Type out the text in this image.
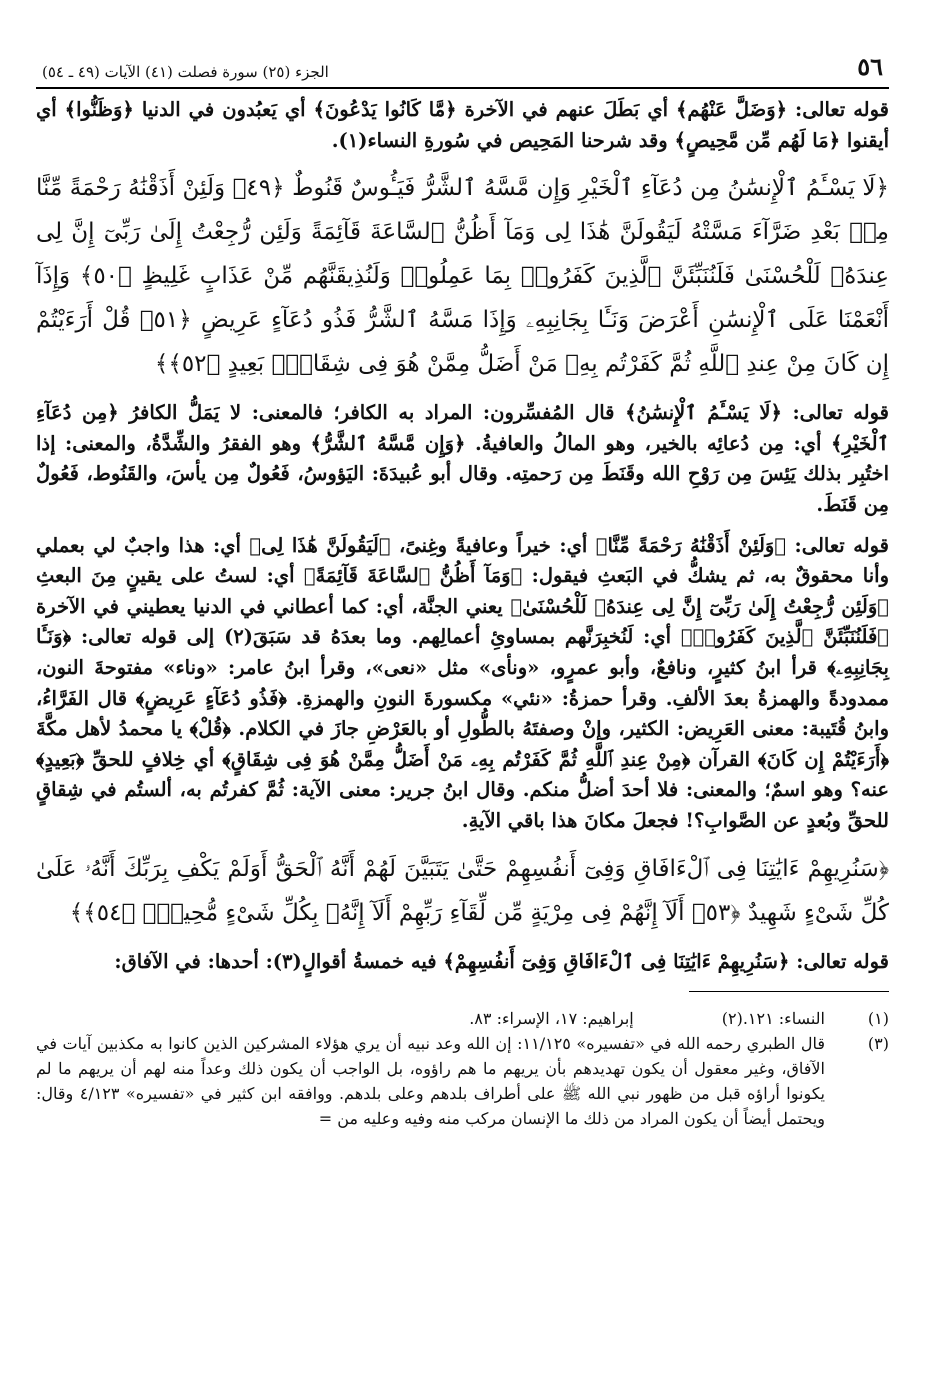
٥٦
الجزء (٢٥) سورة فصلت (٤١) الآيات (٤٩ ـ ٥٤)

قوله تعالى: ﴿وَضَلَّ عَنْهُم﴾ أي بَطَلَ عنهم في الآخرة ﴿مَّا كَانُوا يَدْعُونَ﴾ أي يَعبُدون في الدنيا ﴿وَظَنُّوا﴾ أي أيقنوا ﴿مَا لَهُم مِّن مَّحِيصٍ﴾ وقد شرحنا المَحِيص في سُورةِ النساء(١).

﴿لَا يَسْـَٔمُ ٱلْإِنسَٰنُ مِن دُعَآءِ ٱلْخَيْرِ وَإِن مَّسَّهُ ٱلشَّرُّ فَيَـُٔوسٌ قَنُوطٌ ﴿٤٩﴾ وَلَئِنْ أَذَقْنَٰهُ رَحْمَةً مِّنَّا مِنۢ بَعْدِ ضَرَّآءَ مَسَّتْهُ لَيَقُولَنَّ هَٰذَا لِى وَمَآ أَظُنُّ ٱلسَّاعَةَ قَآئِمَةً وَلَئِن رُّجِعْتُ إِلَىٰ رَبِّىٓ إِنَّ لِى عِندَهُۥ لَلْحُسْنَىٰ فَلَنُنَبِّئَنَّ ٱلَّذِينَ كَفَرُوا۟ بِمَا عَمِلُوا۟ وَلَنُذِيقَنَّهُم مِّنْ عَذَابٍ غَلِيظٍ ﴿٥٠﴾ وَإِذَآ أَنْعَمْنَا عَلَى ٱلْإِنسَٰنِ أَعْرَضَ وَنَـَٔا بِجَانِبِهِۦ وَإِذَا مَسَّهُ ٱلشَّرُّ فَذُو دُعَآءٍ عَرِيضٍ ﴿٥١﴾ قُلْ أَرَءَيْتُمْ إِن كَانَ مِنْ عِندِ ٱللَّهِ ثُمَّ كَفَرْتُم بِهِۦ مَنْ أَضَلُّ مِمَّنْ هُوَ فِى شِقَاقٍۭ بَعِيدٍ ﴿٥٢﴾﴾

قوله تعالى: ﴿لَا يَسْـَٔمُ ٱلْإِنسَٰنُ﴾ قال المُفسِّرون: المراد به الكافر؛ فالمعنى: لا يَمَلُّ الكافرُ ﴿مِن دُعَآءِ ٱلْخَيْرِ﴾ أي: مِن دُعائِه بالخير، وهو المالُ والعافيةُ. ﴿وَإِن مَّسَّهُ ٱلشَّرُّ﴾ وهو الفقرُ والشِّدَّةُ، والمعنى: إذا اختُبِر بذلك يَئِسَ مِن رَوْحِ الله وقَنَطَ مِن رَحمتِه. وقال أبو عُبيدَةَ: اليَؤوسُ، فَعُولٌ مِن يأسَ، والقَنُوط، فَعُولٌ مِن قَنَطَ.

قوله تعالى: ﴿وَلَئِنْ أَذَقْنَٰهُ رَحْمَةً مِّنَّا﴾ أي: خيراً وعافيةً وغِنىً، ﴿لَيَقُولَنَّ هَٰذَا لِى﴾ أي: هذا واجبٌ لي بعملي وأنا محقوقٌ به، ثم يشكُّ في البَعثِ فيقول: ﴿وَمَآ أَظُنُّ ٱلسَّاعَةَ قَآئِمَةً﴾ أي: لستُ على يقينٍ مِنَ البعثِ ﴿وَلَئِن رُّجِعْتُ إِلَىٰ رَبِّىٓ إِنَّ لِى عِندَهُۥ لَلْحُسْنَىٰ﴾ يعني الجنَّة، أي: كما أعطاني في الدنيا يعطيني في الآخرة ﴿فَلَنُنَبِّئَنَّ ٱلَّذِينَ كَفَرُوا۟﴾ أي: لَنُخبِرَنَّهم بمساوئِ أعمالِهم. وما بعدَهُ قد سَبَقَ(٢) إلى قوله تعالى: ﴿وَنَـَٔا بِجَانِبِهِۦ﴾ قرأ ابنُ كثيرٍ، ونافعٌ، وأبو عمرٍو، «ونأى» مثل «نعى»، وقرأ ابنُ عامر: «وناء» مفتوحةَ النون، ممدودةً والهمزةُ بعدَ الألفِ. وقرأ حمزةُ: «نئي» مكسورةَ النونِ والهمزةِ. ﴿فَذُو دُعَآءٍ عَرِيضٍ﴾ قال الفَرَّاءُ، وابنُ قُتَيبة: معنى العَرِيض: الكثير، وإنْ وصفتَهُ بالطُّولِ أو بالعَرْضِ جازَ في الكلام. ﴿قُلْ﴾ يا محمدُ لأهل مكَّةَ ﴿أَرَءَيْتُمْ إِن كَانَ﴾ القرآن ﴿مِنْ عِندِ ٱللَّهِ ثُمَّ كَفَرْتُم بِهِۦ مَنْ أَضَلُّ مِمَّنْ هُوَ فِى شِقَاقٍ﴾ أي خِلافٍ للحقِّ ﴿بَعِيدٍ﴾ عنه؟ وهو اسمٌ؛ والمعنى: فلا أحدَ أضلُّ منكم. وقال ابنُ جرير: معنى الآية: ثُمَّ كفرتُم به، ألستُم في شِقاقٍ للحقِّ وبُعدٍ عن الصَّوابِ؟! فجعلَ مكانَ هذا باقي الآيةِ.

﴿سَنُرِيهِمْ ءَايَٰتِنَا فِى ٱلْءَافَاقِ وَفِىٓ أَنفُسِهِمْ حَتَّىٰ يَتَبَيَّنَ لَهُمْ أَنَّهُ ٱلْحَقُّ أَوَلَمْ يَكْفِ بِرَبِّكَ أَنَّهُۥ عَلَىٰ كُلِّ شَىْءٍ شَهِيدٌ ﴿٥٣﴾ أَلَآ إِنَّهُمْ فِى مِرْيَةٍ مِّن لِّقَآءِ رَبِّهِمْ أَلَآ إِنَّهُۥ بِكُلِّ شَىْءٍ مُّحِيطٌۢ ﴿٥٤﴾﴾

قوله تعالى: ﴿سَنُرِيهِمْ ءَايَٰتِنَا فِى ٱلْءَافَاقِ وَفِىٓ أَنفُسِهِمْ﴾ فيه خمسةُ أقوالٍ(٣): أحدها: في الآفاق:

(١)
النساء: ١٢١.
(٢)
إبراهيم: ١٧، الإسراء: ٨٣.
(٣)
قال الطبري رحمه الله في «تفسيره» ١١/١٢٥: إن الله وعد نبيه أن يري هؤلاء المشركين الذين كانوا به مكذبين آيات في الآفاق، وغير معقول أن يكون تهديدهم بأن يريهم ما هم راؤوه، بل الواجب أن يكون ذلك وعداً منه لهم أن يريهم ما لم يكونوا أراؤه قبل من ظهور نبي الله ﷺ على أطراف بلدهم وعلى بلدهم. ووافقه ابن كثير في «تفسيره» ٤/١٢٣ وقال: ويحتمل أيضاً أن يكون المراد من ذلك ما الإنسان مركب منه وفيه وعليه من =
